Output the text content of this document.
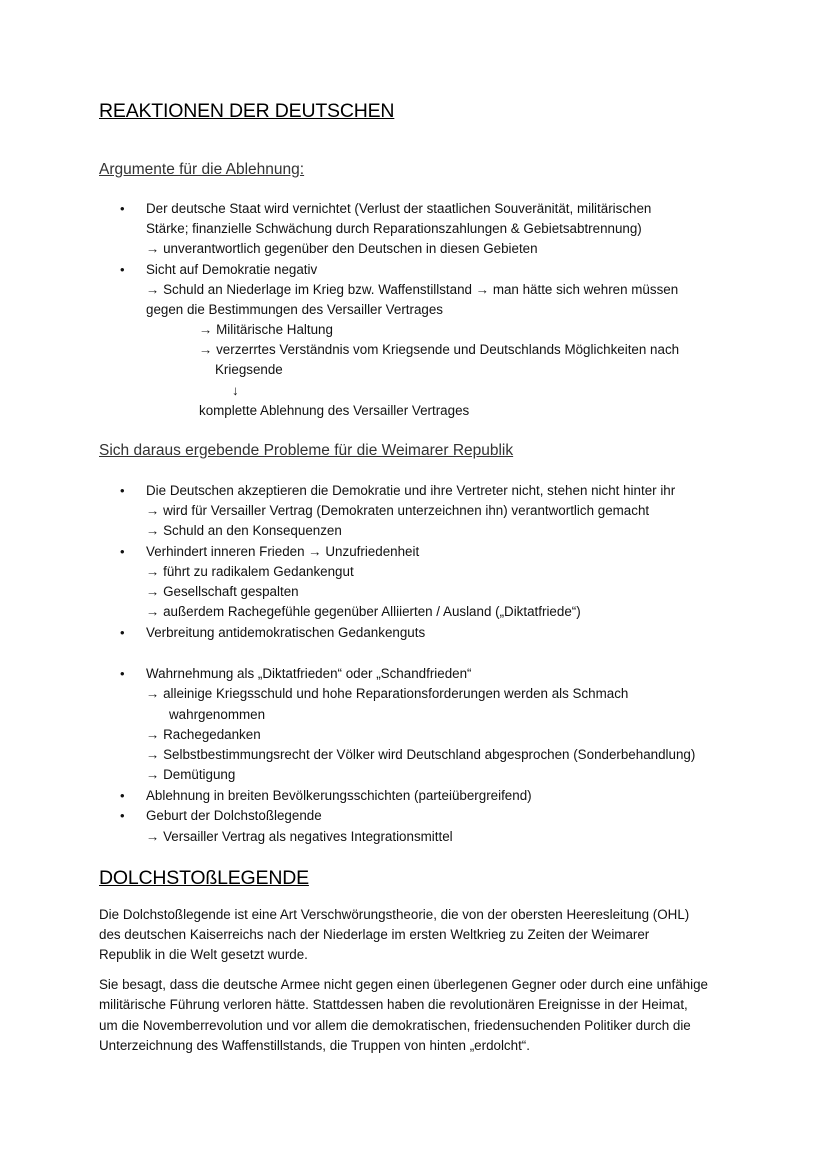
REAKTIONEN DER DEUTSCHEN
Argumente für die Ablehnung:
• Der deutsche Staat wird vernichtet (Verlust der staatlichen Souveränität, militärischen
Stärke; finanzielle Schwächung durch Reparationszahlungen & Gebietsabtrennung)
→ unverantwortlich gegenüber den Deutschen in diesen Gebieten
• Sicht auf Demokratie negativ
→ Schuld an Niederlage im Krieg bzw. Waffenstillstand → man hätte sich wehren müssen
gegen die Bestimmungen des Versailler Vertrages
→ Militärische Haltung
→ verzerrtes Verständnis vom Kriegsende und Deutschlands Möglichkeiten nach
Kriegsende
↓
komplette Ablehnung des Versailler Vertrages
Sich daraus ergebende Probleme für die Weimarer Republik
• Die Deutschen akzeptieren die Demokratie und ihre Vertreter nicht, stehen nicht hinter ihr
→ wird für Versailler Vertrag (Demokraten unterzeichnen ihn) verantwortlich gemacht
→ Schuld an den Konsequenzen
• Verhindert inneren Frieden → Unzufriedenheit
→ führt zu radikalem Gedankengut
→ Gesellschaft gespalten
→ außerdem Rachegefühle gegenüber Alliierten / Ausland („Diktatfriede“)
• Verbreitung antidemokratischen Gedankenguts
• Wahrnehmung als „Diktatfrieden“ oder „Schandfrieden“
→ alleinige Kriegsschuld und hohe Reparationsforderungen werden als Schmach
wahrgenommen
→ Rachegedanken
→ Selbstbestimmungsrecht der Völker wird Deutschland abgesprochen (Sonderbehandlung)
→ Demütigung
• Ablehnung in breiten Bevölkerungsschichten (parteiübergreifend)
• Geburt der Dolchstoßlegende
→ Versailler Vertrag als negatives Integrationsmittel
DOLCHSTOßLEGENDE
Die Dolchstoßlegende ist eine Art Verschwörungstheorie, die von der obersten Heeresleitung (OHL)
des deutschen Kaiserreichs nach der Niederlage im ersten Weltkrieg zu Zeiten der Weimarer
Republik in die Welt gesetzt wurde.
Sie besagt, dass die deutsche Armee nicht gegen einen überlegenen Gegner oder durch eine unfähige
militärische Führung verloren hätte. Stattdessen haben die revolutionären Ereignisse in der Heimat,
um die Novemberrevolution und vor allem die demokratischen, friedensuchenden Politiker durch die
Unterzeichnung des Waffenstillstands, die Truppen von hinten „erdolcht“.
